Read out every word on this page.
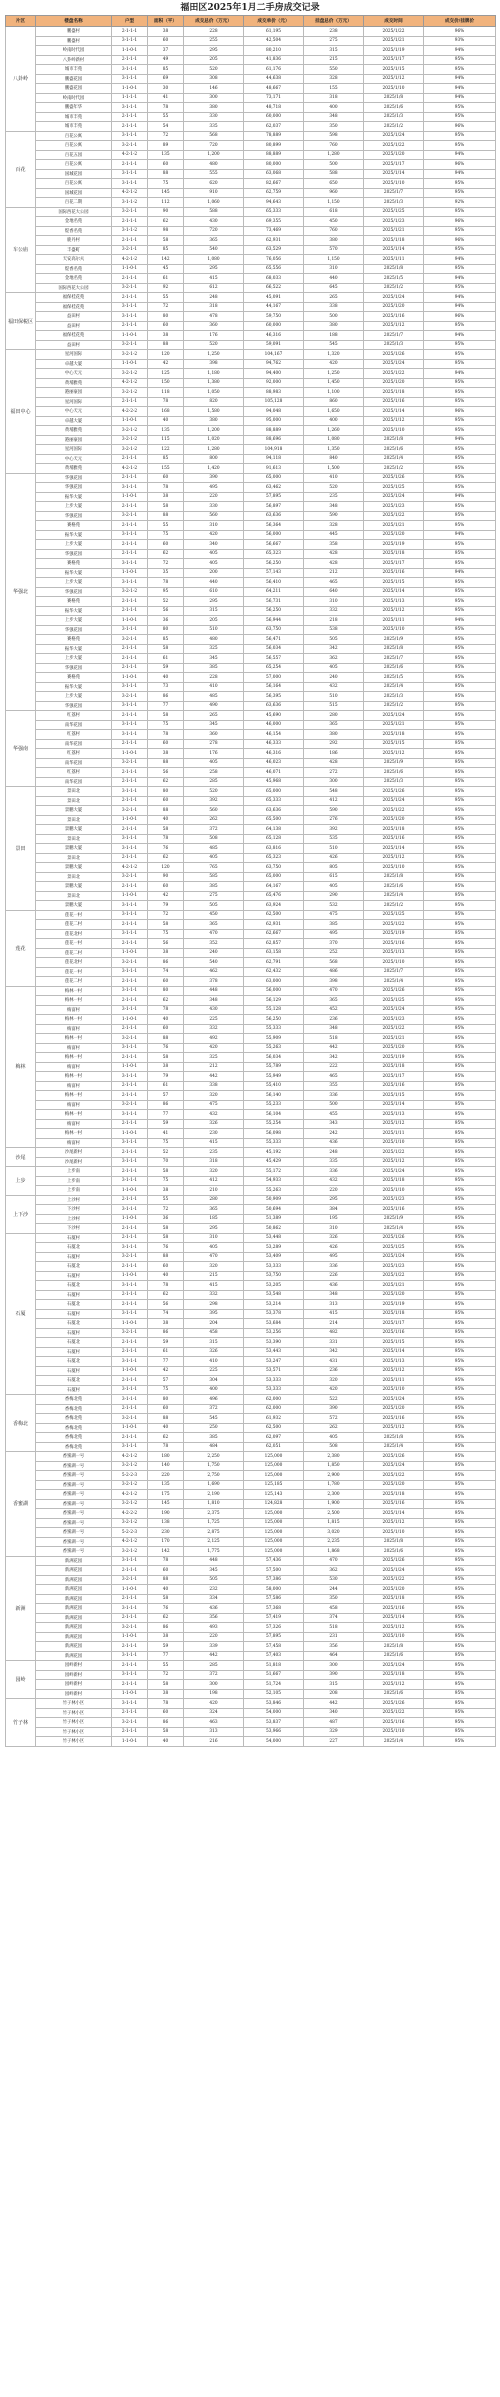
福田区2025年1月二手房成交记录
片区	楼盘名称	户型	面积（平）	成交总价（万元）	成交单价（元）	挂盘总价（万元）	成交时间	成交价/挂牌价
八卦岭	鹏盛村	2-1-1-1	38	228	61,195	238	2025/1/22	96%
	鹏盛村	3-1-1-1	60	255	42,504	275	2025/1/21	93%
	岭南时代园	1-1-0-1	37	295	80,210	315	2025/1/19	94%
	八卦岭新村	2-1-1-1	49	205	41,836	215	2025/1/17	95%
	城市丰苑	3-1-1-1	85	520	61,176	550	2025/1/15	95%
	鹏盛花园	3-1-1-1	69	308	44,638	328	2025/1/12	94%
	鹏盛花园	1-1-0-1	30	146	48,667	155	2025/1/10	94%
	岭南时代园	1-1-1-1	41	300	73,171	318	2025/1/8	94%
	鹏盛年华	3-1-1-1	78	380	48,718	400	2025/1/6	95%
	城市丰苑	2-1-1-1	55	330	60,000	348	2025/1/3	95%
	城市丰苑	2-1-1-1	54	335	62,037	350	2025/1/2	96%
百花	百花公寓	3-1-1-1	72	568	78,889	598	2025/1/24	95%
	百花公寓	3-2-1-1	89	720	80,899	760	2025/1/22	95%
	百花五园	4-2-1-2	135	1,200	88,889	1,280	2025/1/20	94%
	百花公寓	2-1-1-1	60	480	80,000	500	2025/1/17	96%
	国城花园	3-1-1-1	88	555	63,068	588	2025/1/14	94%
	百花公寓	3-1-1-1	75	620	82,667	650	2025/1/10	95%
	国城花园	4-2-1-2	145	910	62,759	960	2025/1/7	95%
	百花二期	3-1-1-2	112	1,060	94,643	1,150	2025/1/3	92%
车公庙	国际西花大公园	3-2-1-1	90	588	65,333	618	2025/1/25	95%
	金地名苑	2-1-1-1	62	430	69,355	450	2025/1/23	96%
	缇香名苑	3-1-1-2	98	720	73,469	760	2025/1/21	95%
	鹿丹村	2-1-1-1	58	365	62,931	380	2025/1/18	96%
	丰盛町	3-2-1-1	85	540	63,529	570	2025/1/14	95%
	天安高尔夫	4-2-1-2	142	1,080	76,056	1,150	2025/1/11	94%
	缇香名苑	1-1-0-1	45	295	65,556	310	2025/1/8	95%
	金地名苑	2-1-1-1	61	415	68,033	440	2025/1/5	94%
	国际西花大公园	3-2-1-1	92	612	66,522	645	2025/1/2	95%
福田保税区	福保桂花苑	2-1-1-1	55	248	45,091	265	2025/1/24	94%
	福保桂花苑	3-1-1-1	72	318	44,167	338	2025/1/20	94%
	益田村	3-1-1-1	80	478	59,750	500	2025/1/16	96%
	益田村	2-1-1-1	60	360	60,000	380	2025/1/12	95%
	福保桂花苑	1-1-0-1	38	176	46,316	188	2025/1/7	94%
	益田村	3-2-1-1	88	520	59,091	545	2025/1/3	95%
福田中心	星河国际	3-2-1-2	120	1,250	104,167	1,320	2025/1/26	95%
	卓越大厦	1-1-0-1	42	398	94,762	420	2025/1/24	95%
	中心天元	3-2-1-2	125	1,180	94,400	1,250	2025/1/22	94%
	黄埔雅苑	4-2-1-2	150	1,380	92,000	1,450	2025/1/20	95%
	港丽豪园	3-2-1-2	118	1,050	88,983	1,100	2025/1/18	95%
	星河国际	2-1-1-1	78	820	105,128	860	2025/1/16	95%
	中心天元	4-2-2-2	168	1,580	94,048	1,650	2025/1/14	96%
	卓越大厦	1-1-0-1	40	380	95,000	400	2025/1/12	95%
	黄埔雅苑	3-2-1-2	135	1,200	88,889	1,260	2025/1/10	95%
	港丽豪园	3-2-1-2	115	1,020	88,696	1,080	2025/1/8	94%
	星河国际	3-2-1-2	122	1,280	104,918	1,350	2025/1/6	95%
	中心天元	2-1-1-1	85	800	94,118	840	2025/1/4	95%
	黄埔雅苑	4-2-1-2	155	1,420	91,613	1,500	2025/1/2	95%
华强北	华强花园	2-1-1-1	60	390	65,000	410	2025/1/26	95%
	华强花园	3-1-1-1	78	495	63,462	520	2025/1/25	95%
	振华大厦	1-1-0-1	38	220	57,895	235	2025/1/24	94%
	上步大厦	2-1-1-1	58	330	56,897	348	2025/1/23	95%
	华强花园	3-2-1-1	88	560	63,636	590	2025/1/22	95%
	赛格苑	2-1-1-1	55	310	56,364	328	2025/1/21	95%
	振华大厦	3-1-1-1	75	420	56,000	445	2025/1/20	94%
	上步大厦	2-1-1-1	60	340	56,667	358	2025/1/19	95%
	华强花园	2-1-1-1	62	405	65,323	428	2025/1/18	95%
	赛格苑	3-1-1-1	72	405	56,250	428	2025/1/17	95%
	振华大厦	1-1-0-1	35	200	57,143	212	2025/1/16	94%
	上步大厦	3-1-1-1	78	440	56,410	465	2025/1/15	95%
	华强花园	3-2-1-2	95	610	64,211	640	2025/1/14	95%
	赛格苑	2-1-1-1	52	295	56,731	310	2025/1/13	95%
	振华大厦	2-1-1-1	56	315	56,250	332	2025/1/12	95%
	上步大厦	1-1-0-1	36	205	56,944	218	2025/1/11	94%
	华强花园	3-1-1-1	80	510	63,750	538	2025/1/10	95%
	赛格苑	3-2-1-1	85	480	56,471	505	2025/1/9	95%
	振华大厦	2-1-1-1	58	325	56,034	342	2025/1/8	95%
	上步大厦	2-1-1-1	61	345	56,557	362	2025/1/7	95%
	华强花园	2-1-1-1	59	385	65,254	405	2025/1/6	95%
	赛格苑	1-1-0-1	40	228	57,000	240	2025/1/5	95%
	振华大厦	3-1-1-1	73	410	56,164	432	2025/1/4	95%
	上步大厦	3-2-1-1	86	485	56,395	510	2025/1/3	95%
	华强花园	3-1-1-1	77	490	63,636	515	2025/1/2	95%
华强南	红荔村	2-1-1-1	58	265	45,690	280	2025/1/24	95%
	南华花园	3-1-1-1	75	345	46,000	365	2025/1/21	95%
	红荔村	3-1-1-1	78	360	46,154	380	2025/1/18	95%
	南华花园	2-1-1-1	60	278	46,333	292	2025/1/15	95%
	红荔村	1-1-0-1	38	176	46,316	186	2025/1/12	95%
	南华花园	3-2-1-1	88	405	46,023	428	2025/1/9	95%
	红荔村	2-1-1-1	56	258	46,071	272	2025/1/6	95%
	南华花园	2-1-1-1	62	285	45,968	300	2025/1/3	95%
景田	景田北	3-1-1-1	80	520	65,000	548	2025/1/26	95%
	景田北	2-1-1-1	60	392	65,333	412	2025/1/24	95%
	景鹏大厦	3-2-1-1	88	560	63,636	590	2025/1/22	95%
	景田北	1-1-0-1	40	262	65,500	276	2025/1/20	95%
	景鹏大厦	2-1-1-1	58	372	64,138	392	2025/1/18	95%
	景田北	3-1-1-1	78	508	65,128	535	2025/1/16	95%
	景鹏大厦	3-1-1-1	76	485	63,816	510	2025/1/14	95%
	景田北	2-1-1-1	62	405	65,323	426	2025/1/12	95%
	景鹏大厦	4-2-1-2	120	765	63,750	805	2025/1/10	95%
	景田北	3-2-1-1	90	585	65,000	615	2025/1/8	95%
	景鹏大厦	2-1-1-1	60	385	64,167	405	2025/1/6	95%
	景田北	1-1-0-1	42	275	65,476	290	2025/1/4	95%
	景鹏大厦	3-1-1-1	79	505	63,924	532	2025/1/2	95%
莲花	莲花一村	3-1-1-1	72	450	62,500	475	2025/1/25	95%
	莲花二村	2-1-1-1	58	365	62,931	385	2025/1/22	95%
	莲花北村	3-1-1-1	75	470	62,667	495	2025/1/19	95%
	莲花一村	2-1-1-1	56	352	62,857	370	2025/1/16	95%
	莲花二村	1-1-0-1	38	240	63,158	252	2025/1/13	95%
	莲花北村	3-2-1-1	86	540	62,791	568	2025/1/10	95%
	莲花一村	3-1-1-1	74	462	62,432	486	2025/1/7	95%
	莲花二村	2-1-1-1	60	378	63,000	398	2025/1/4	95%
梅林	梅林一村	3-1-1-1	80	448	56,000	470	2025/1/26	95%
	梅林一村	2-1-1-1	62	348	56,129	365	2025/1/25	95%
	梅富村	3-1-1-1	78	430	55,128	452	2025/1/24	95%
	梅林一村	1-1-0-1	40	225	56,250	236	2025/1/23	95%
	梅富村	2-1-1-1	60	332	55,333	348	2025/1/22	95%
	梅林一村	3-2-1-1	88	492	55,909	518	2025/1/21	95%
	梅富村	3-1-1-1	76	420	55,263	442	2025/1/20	95%
	梅林一村	2-1-1-1	58	325	56,034	342	2025/1/19	95%
	梅富村	1-1-0-1	38	212	55,789	222	2025/1/18	95%
	梅林一村	3-1-1-1	79	442	55,949	465	2025/1/17	95%
	梅富村	2-1-1-1	61	338	55,410	355	2025/1/16	95%
	梅林一村	2-1-1-1	57	320	56,140	336	2025/1/15	95%
	梅富村	3-2-1-1	86	475	55,233	500	2025/1/14	95%
	梅林一村	3-1-1-1	77	432	56,104	455	2025/1/13	95%
	梅富村	2-1-1-1	59	326	55,254	343	2025/1/12	95%
	梅林一村	1-1-0-1	41	230	56,098	242	2025/1/11	95%
	梅富村	3-1-1-1	75	415	55,333	436	2025/1/10	95%
沙尾	沙尾新村	2-1-1-1	52	235	45,192	248	2025/1/22	95%
	沙尾新村	3-1-1-1	70	318	45,429	335	2025/1/12	95%
上步	上步南	2-1-1-1	58	320	55,172	336	2025/1/24	95%
	上步南	3-1-1-1	75	412	54,933	432	2025/1/18	95%
	上步南	1-1-0-1	38	210	55,263	220	2025/1/10	95%
上下沙	上沙村	2-1-1-1	55	280	50,909	295	2025/1/23	95%
	下沙村	3-1-1-1	72	365	50,694	384	2025/1/16	95%
	上沙村	1-1-0-1	36	185	51,389	195	2025/1/9	95%
	下沙村	2-1-1-1	58	295	50,862	310	2025/1/4	95%
石厦	石厦村	2-1-1-1	58	310	53,448	326	2025/1/26	95%
	石厦北	3-1-1-1	76	405	53,289	426	2025/1/25	95%
	石厦村	3-2-1-1	88	470	53,409	495	2025/1/24	95%
	石厦北	2-1-1-1	60	320	53,333	336	2025/1/23	95%
	石厦村	1-1-0-1	40	215	53,750	226	2025/1/22	95%
	石厦北	3-1-1-1	78	415	53,205	436	2025/1/21	95%
	石厦村	2-1-1-1	62	332	53,548	348	2025/1/20	95%
	石厦北	2-1-1-1	56	298	53,214	313	2025/1/19	95%
	石厦村	3-1-1-1	74	395	53,378	415	2025/1/18	95%
	石厦北	1-1-0-1	38	204	53,684	214	2025/1/17	95%
	石厦村	3-2-1-1	86	458	53,256	482	2025/1/16	95%
	石厦北	2-1-1-1	59	315	53,390	331	2025/1/15	95%
	石厦村	2-1-1-1	61	326	53,443	342	2025/1/14	95%
	石厦北	3-1-1-1	77	410	53,247	431	2025/1/13	95%
	石厦村	1-1-0-1	42	225	53,571	236	2025/1/12	95%
	石厦北	2-1-1-1	57	304	53,333	320	2025/1/11	95%
	石厦村	3-1-1-1	75	400	53,333	420	2025/1/10	95%
香梅北	香梅北苑	3-1-1-1	80	496	62,000	522	2025/1/24	95%
	香梅北苑	2-1-1-1	60	372	62,000	390	2025/1/20	95%
	香梅北苑	3-2-1-1	88	545	61,932	572	2025/1/16	95%
	香梅北苑	1-1-0-1	40	250	62,500	262	2025/1/12	95%
	香梅北苑	2-1-1-1	62	385	62,097	405	2025/1/8	95%
	香梅北苑	3-1-1-1	78	484	62,051	508	2025/1/4	95%
香蜜湖	香蜜湖一号	4-2-1-2	180	2,250	125,000	2,380	2025/1/26	95%
	香蜜湖一号	3-2-1-2	140	1,750	125,000	1,850	2025/1/24	95%
	香蜜湖一号	5-2-2-3	220	2,750	125,000	2,900	2025/1/22	95%
	香蜜湖一号	3-2-1-2	135	1,690	125,185	1,780	2025/1/20	95%
	香蜜湖一号	4-2-1-2	175	2,190	125,143	2,300	2025/1/18	95%
	香蜜湖一号	3-2-1-2	145	1,810	124,828	1,900	2025/1/16	95%
	香蜜湖一号	4-2-2-2	190	2,375	125,000	2,500	2025/1/14	95%
	香蜜湖一号	3-2-1-2	138	1,725	125,000	1,815	2025/1/12	95%
	香蜜湖一号	5-2-2-3	230	2,875	125,000	3,020	2025/1/10	95%
	香蜜湖一号	4-2-1-2	170	2,125	125,000	2,235	2025/1/8	95%
	香蜜湖一号	3-2-1-2	142	1,775	125,000	1,868	2025/1/6	95%
新洲	新洲花园	3-1-1-1	78	448	57,436	470	2025/1/26	95%
	新洲花园	2-1-1-1	60	345	57,500	362	2025/1/24	95%
	新洲花园	3-2-1-1	88	505	57,386	530	2025/1/22	95%
	新洲花园	1-1-0-1	40	232	58,000	244	2025/1/20	95%
	新洲花园	2-1-1-1	58	334	57,586	350	2025/1/18	95%
	新洲花园	3-1-1-1	76	436	57,368	458	2025/1/16	95%
	新洲花园	2-1-1-1	62	356	57,419	374	2025/1/14	95%
	新洲花园	3-2-1-1	86	493	57,326	518	2025/1/12	95%
	新洲花园	1-1-0-1	38	220	57,895	231	2025/1/10	95%
	新洲花园	2-1-1-1	59	339	57,458	356	2025/1/8	95%
	新洲花园	3-1-1-1	77	442	57,403	464	2025/1/6	95%
园岭	园岭新村	2-1-1-1	55	285	51,818	300	2025/1/24	95%
	园岭新村	3-1-1-1	72	372	51,667	390	2025/1/18	95%
	园岭新村	2-1-1-1	58	300	51,724	315	2025/1/12	95%
	园岭新村	1-1-0-1	38	198	52,105	208	2025/1/6	95%
竹子林	竹子林小区	3-1-1-1	78	420	53,846	442	2025/1/26	95%
	竹子林小区	2-1-1-1	60	324	54,000	340	2025/1/22	95%
	竹子林小区	3-2-1-1	86	463	53,837	487	2025/1/16	95%
	竹子林小区	2-1-1-1	58	313	53,966	329	2025/1/10	95%
	竹子林小区	1-1-0-1	40	216	54,000	227	2025/1/4	95%
